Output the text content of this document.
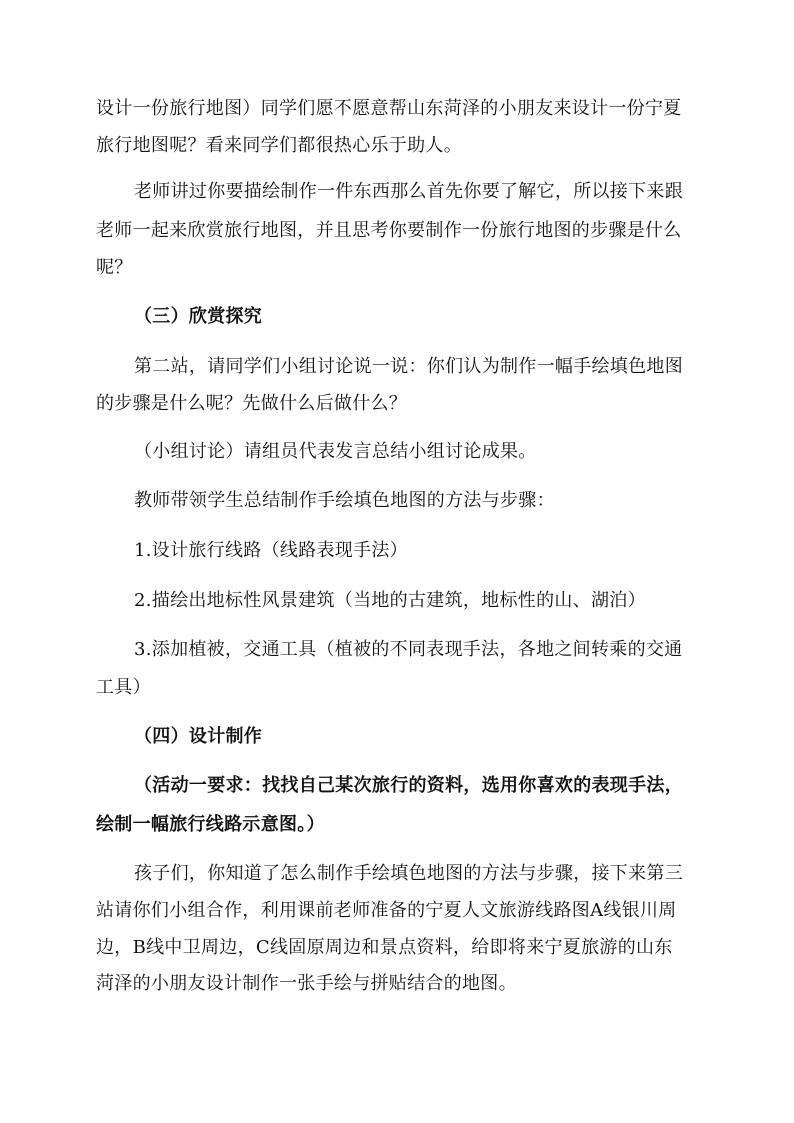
设计一份旅行地图）同学们愿不愿意帮山东菏泽的小朋友来设计一份宁夏
旅行地图呢？看来同学们都很热心乐于助人。
老师讲过你要描绘制作一件东西那么首先你要了解它，所以接下来跟
老师一起来欣赏旅行地图，并且思考你要制作一份旅行地图的步骤是什么
呢？
（三）欣赏探究
第二站，请同学们小组讨论说一说：你们认为制作一幅手绘填色地图
的步骤是什么呢？先做什么后做什么？
（小组讨论）请组员代表发言总结小组讨论成果。
教师带领学生总结制作手绘填色地图的方法与步骤：
1.设计旅行线路（线路表现手法）
2.描绘出地标性风景建筑（当地的古建筑，地标性的山、湖泊）
3.添加植被，交通工具（植被的不同表现手法，各地之间转乘的交通
工具）
（四）设计制作
（活动一要求：找找自己某次旅行的资料，选用你喜欢的表现手法，
绘制一幅旅行线路示意图。）
孩子们，你知道了怎么制作手绘填色地图的方法与步骤，接下来第三
站请你们小组合作，利用课前老师准备的宁夏人文旅游线路图A线银川周
边，B线中卫周边，C线固原周边和景点资料，给即将来宁夏旅游的山东
菏泽的小朋友设计制作一张手绘与拼贴结合的地图。
